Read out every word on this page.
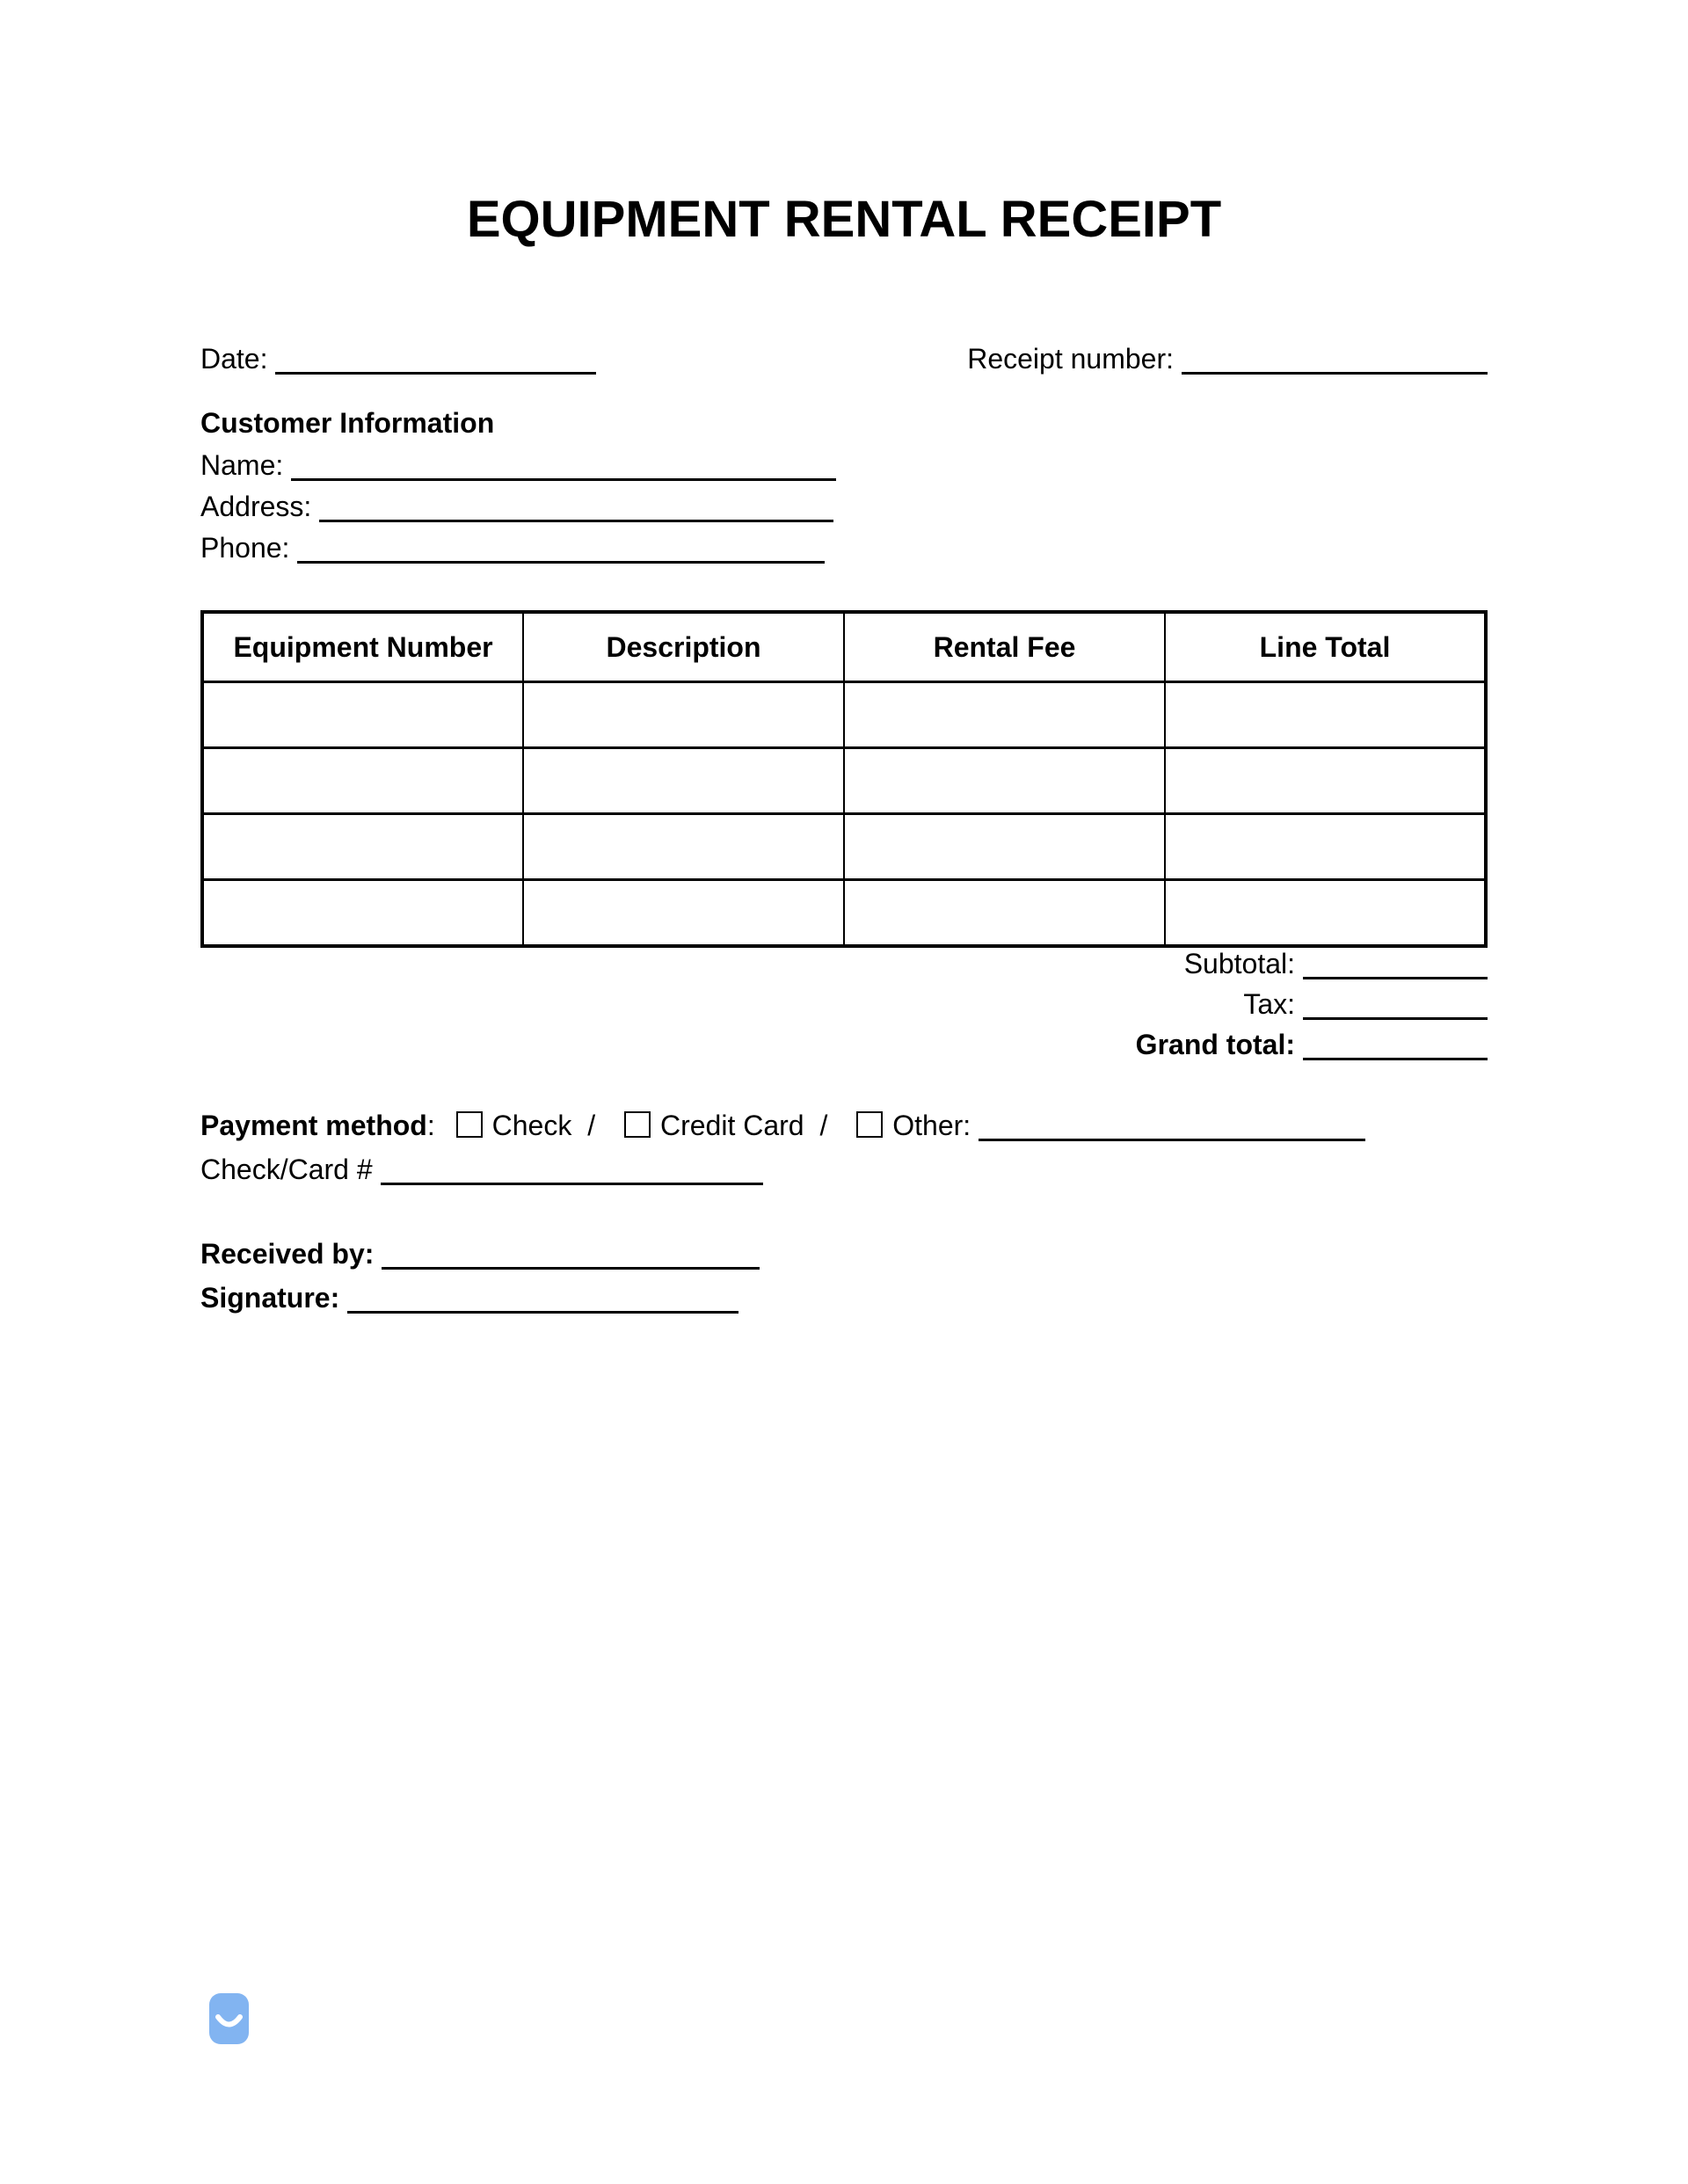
EQUIPMENT RENTAL RECEIPT
Date:	Receipt number:
Customer Information
Name:
Address:
Phone:
Equipment Number	Description	Rental Fee	Line Total

Subtotal:
Tax:
Grand total:
Payment method: Check / Credit Card / Other:
Check/Card #
Received by:
Signature:
